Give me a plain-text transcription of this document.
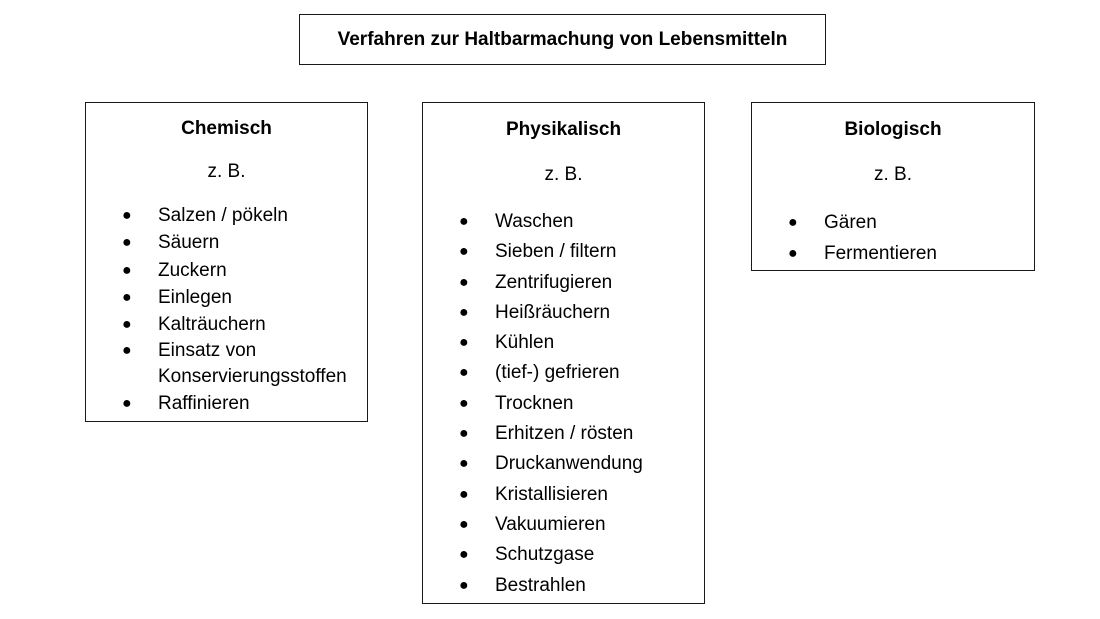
Verfahren zur Haltbarmachung von Lebensmitteln
Chemisch
z. B.
● Salzen / pökeln
● Säuern
● Zuckern
● Einlegen
● Kalträuchern
● Einsatz von Konservierungsstoffen
● Raffinieren
Physikalisch
z. B.
● Waschen
● Sieben / filtern
● Zentrifugieren
● Heißräuchern
● Kühlen
● (tief-) gefrieren
● Trocknen
● Erhitzen / rösten
● Druckanwendung
● Kristallisieren
● Vakuumieren
● Schutzgase
● Bestrahlen
Biologisch
z. B.
● Gären
● Fermentieren
